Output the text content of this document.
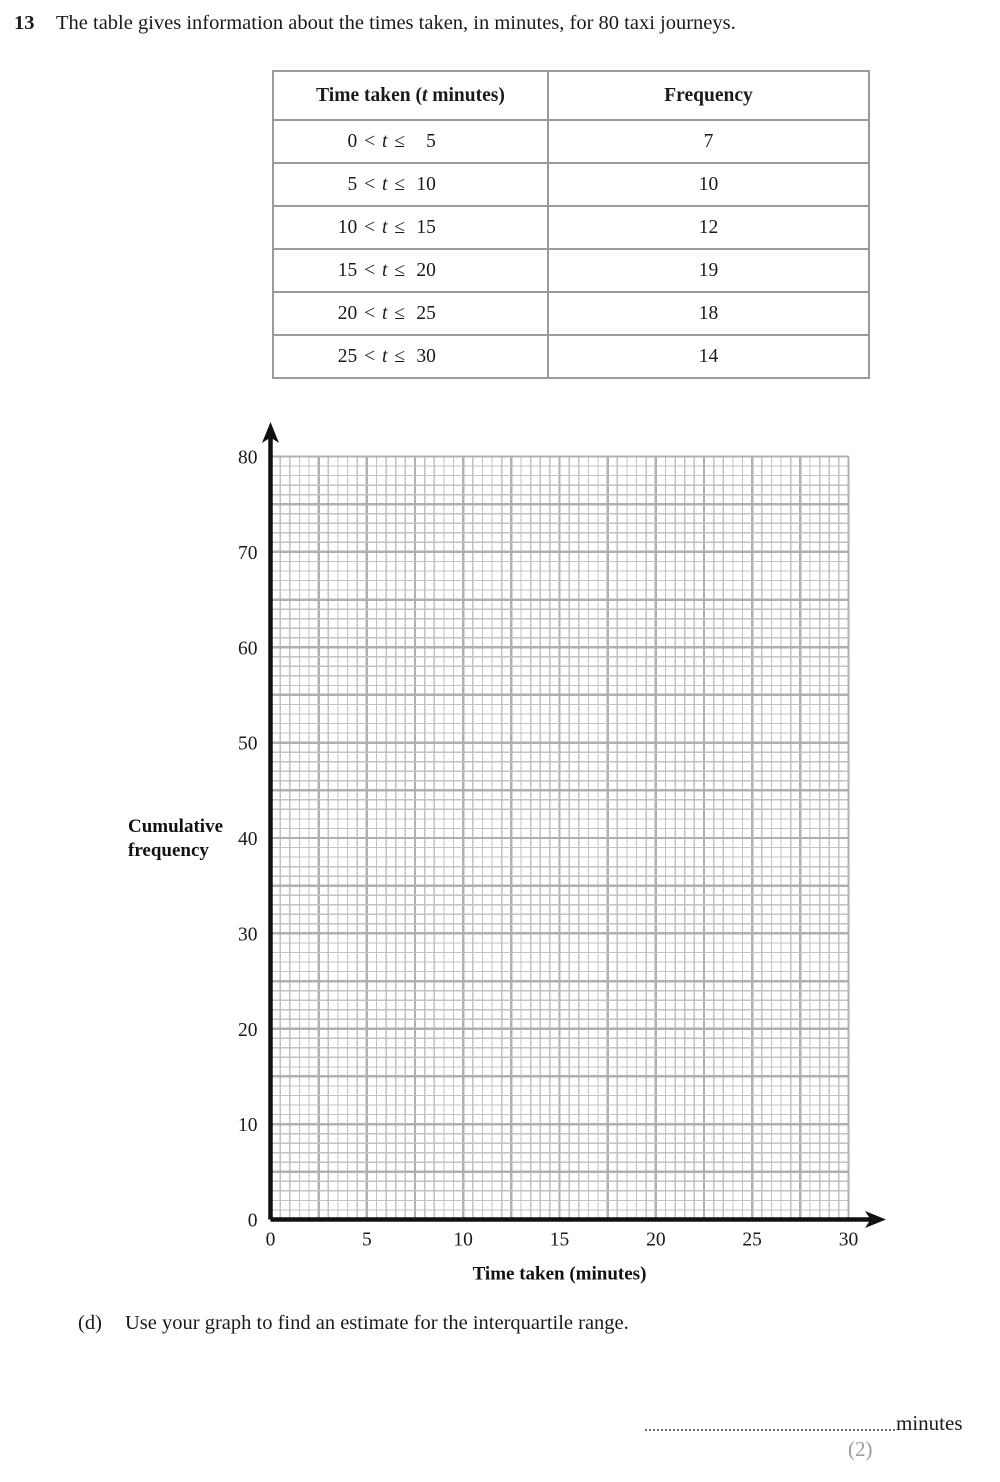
13 The table gives information about the times taken, in minutes, for 80 taxi journeys.
Time taken (t minutes)	Frequency
0 < t ≤ 5	7
5 < t ≤ 10	10
10 < t ≤ 15	12
15 < t ≤ 20	19
20 < t ≤ 25	18
25 < t ≤ 30	14
0
10
20
30
40
50
60
70
80
0	5	10	15	20	25	30
Cumulative
frequency
Time taken (minutes)
(d) Use your graph to find an estimate for the interquartile range.
minutes
(2)
